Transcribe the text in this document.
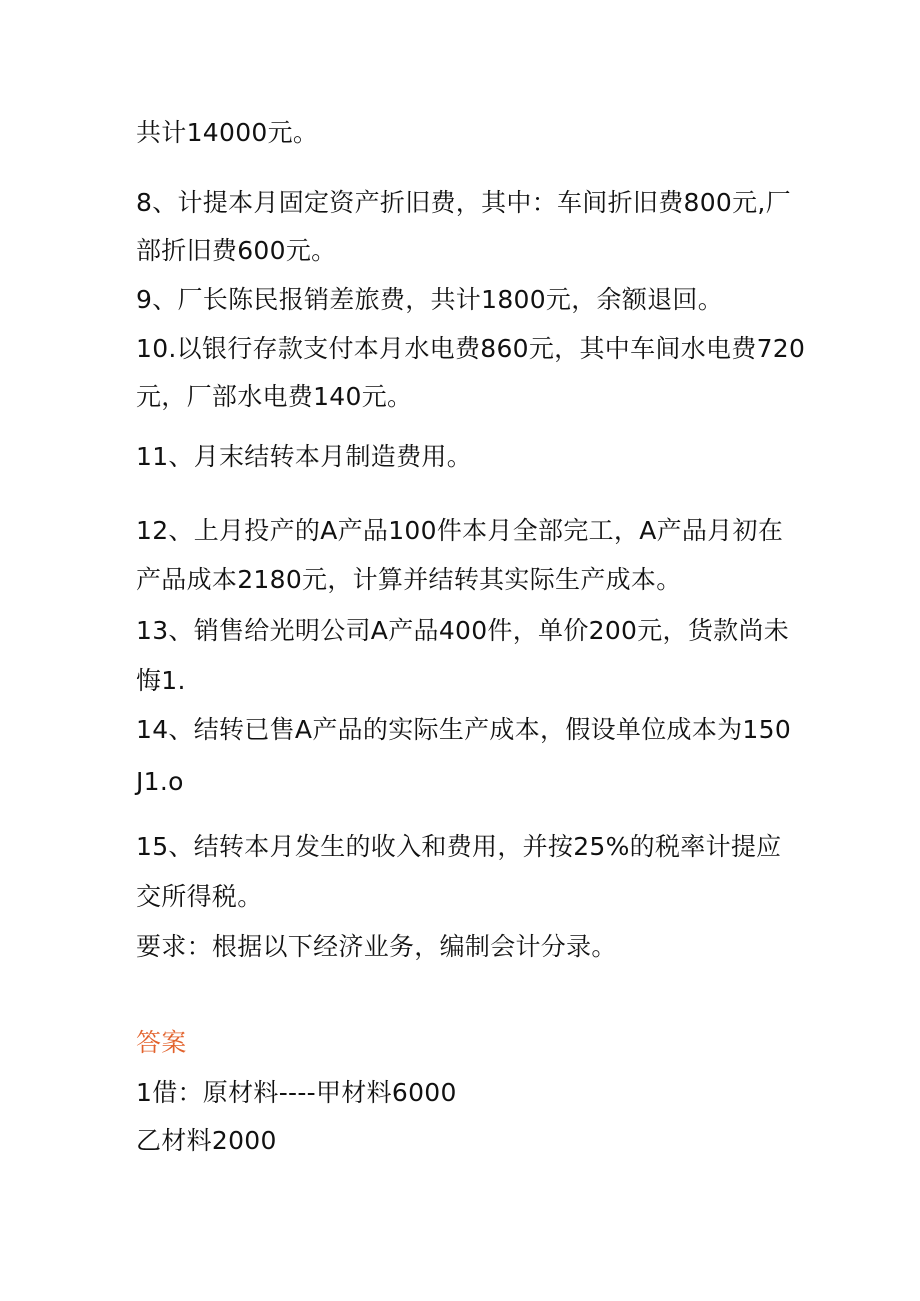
共计14000元。

8、计提本月固定资产折旧费，其中：车间折旧费800元,厂

部折旧费600元。

9、厂长陈民报销差旅费，共计1800元，余额退回。

10.以银行存款支付本月水电费860元，其中车间水电费720

元，厂部水电费140元。

11、月末结转本月制造费用。

12、上月投产的A产品100件本月全部完工，A产品月初在

产品成本2180元，计算并结转其实际生产成本。

13、销售给光明公司A产品400件，单价200元，货款尚未

悔1.

14、结转已售A产品的实际生产成本，假设单位成本为150

Ј1.o

15、结转本月发生的收入和费用，并按25%的税率计提应

交所得税。

要求：根据以下经济业务，编制会计分录。

答案

1借：原材料----甲材料6000

乙材料2000
